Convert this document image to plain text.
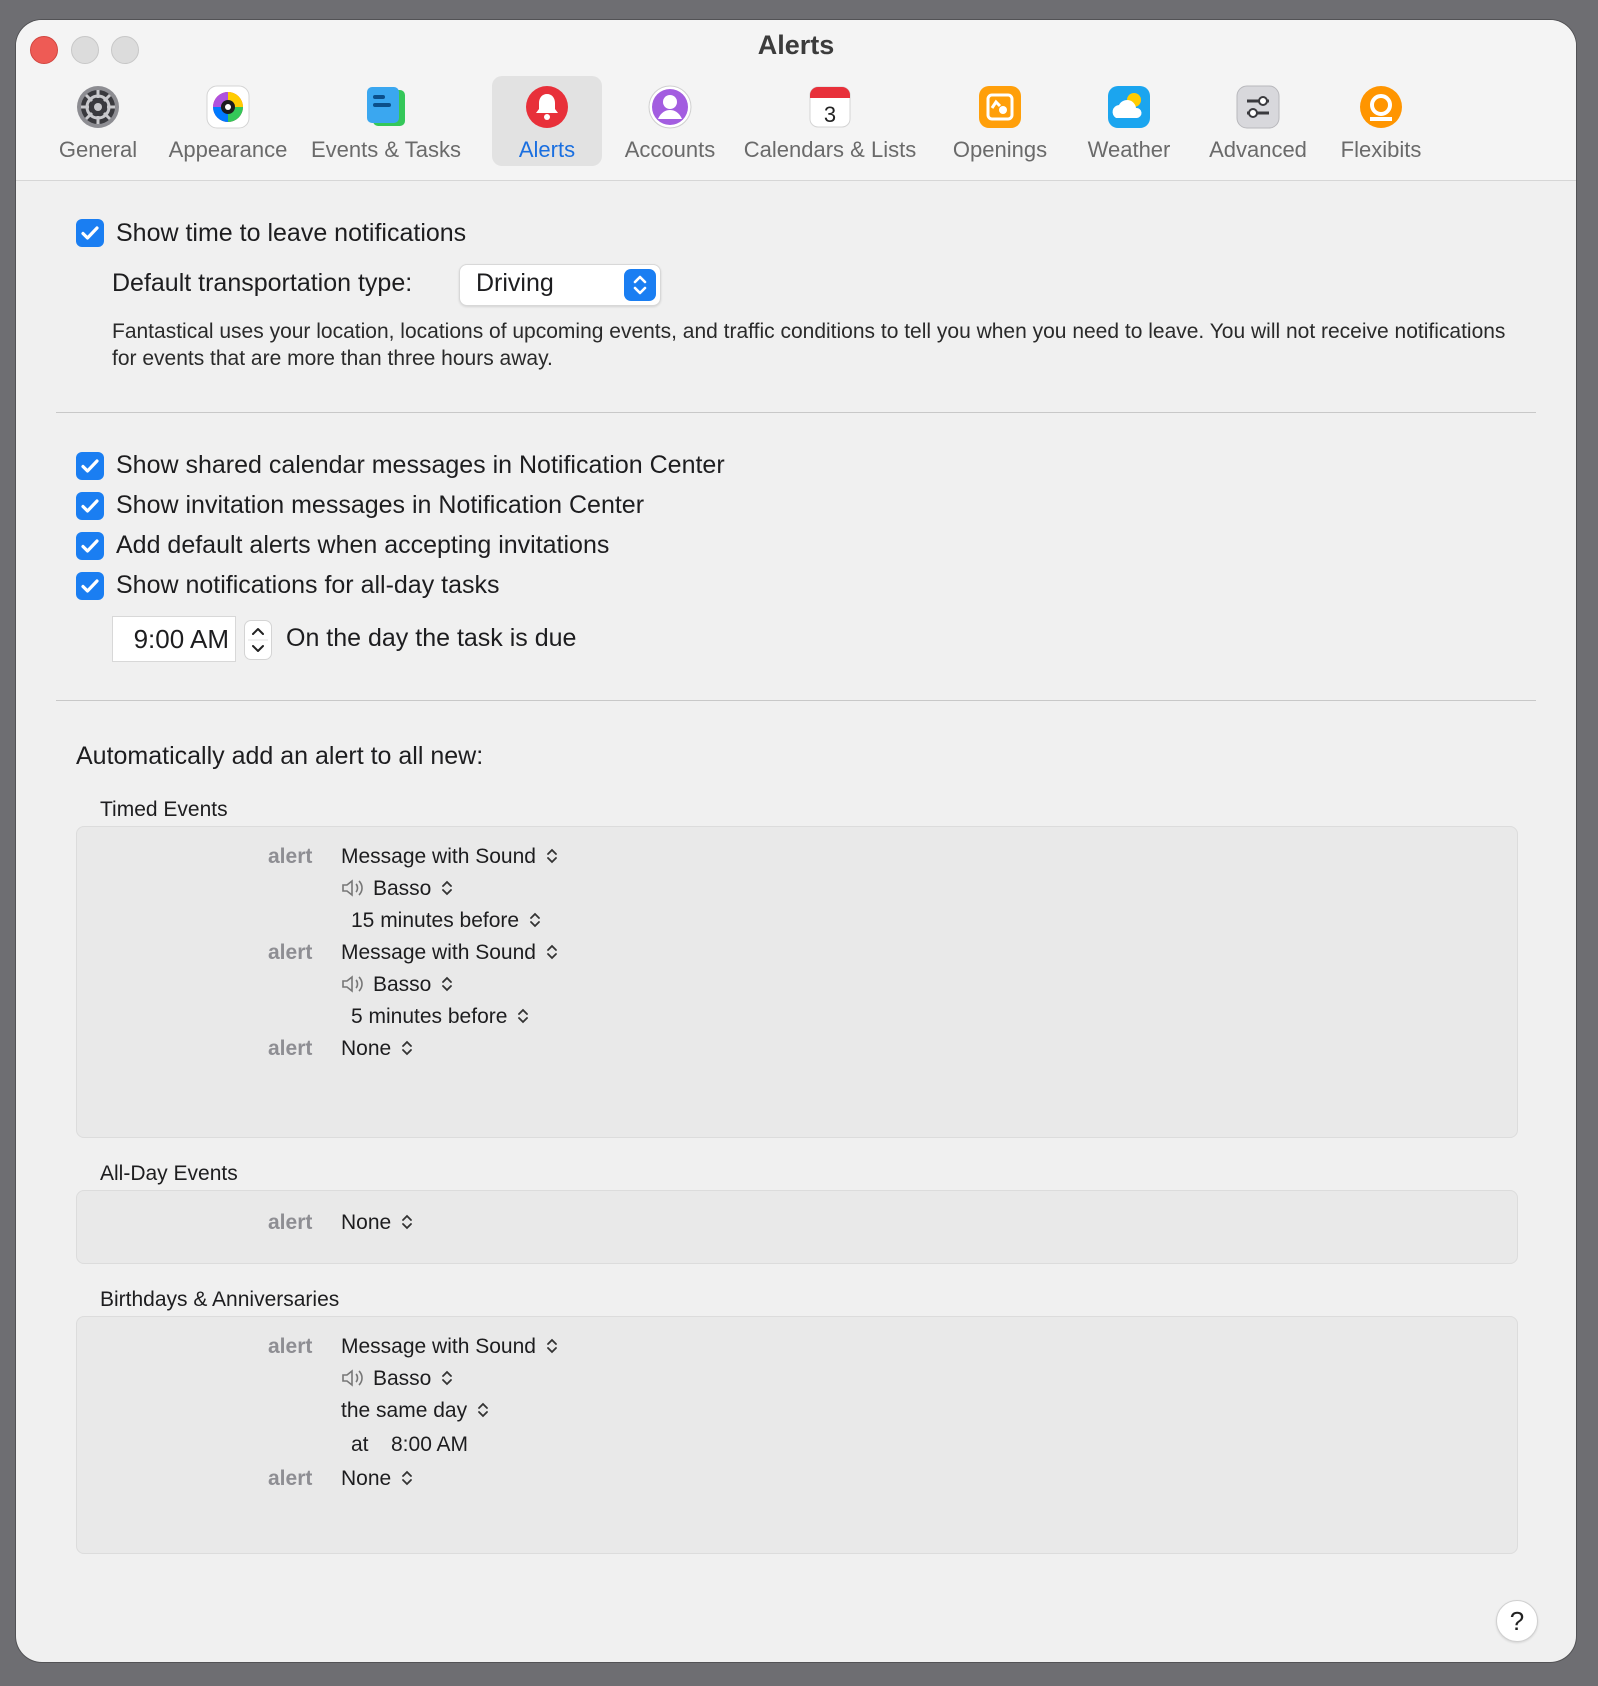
Alerts
General	Appearance	Events & Tasks	Alerts	Accounts
3
Calendars & Lists	Openings	Weather	Advanced	Flexibits
Show time to leave notifications
Default transportation type:	Driving
Fantastical uses your location, locations of upcoming events, and traffic conditions to tell you when you need to leave. You will not receive notifications for events that are more than three hours away.
Show shared calendar messages in Notification Center
Show invitation messages in Notification Center
Add default alerts when accepting invitations
Show notifications for all-day tasks
9:00 AM On the day the task is due
Automatically add an alert to all new:
Timed Events
alert Message with Sound
Basso
15 minutes before
alert Message with Sound
Basso
5 minutes before
alert None
All-Day Events
alert None
Birthdays & Anniversaries
alert Message with Sound
Basso
the same day
at 8:00 AM
alert None
?
